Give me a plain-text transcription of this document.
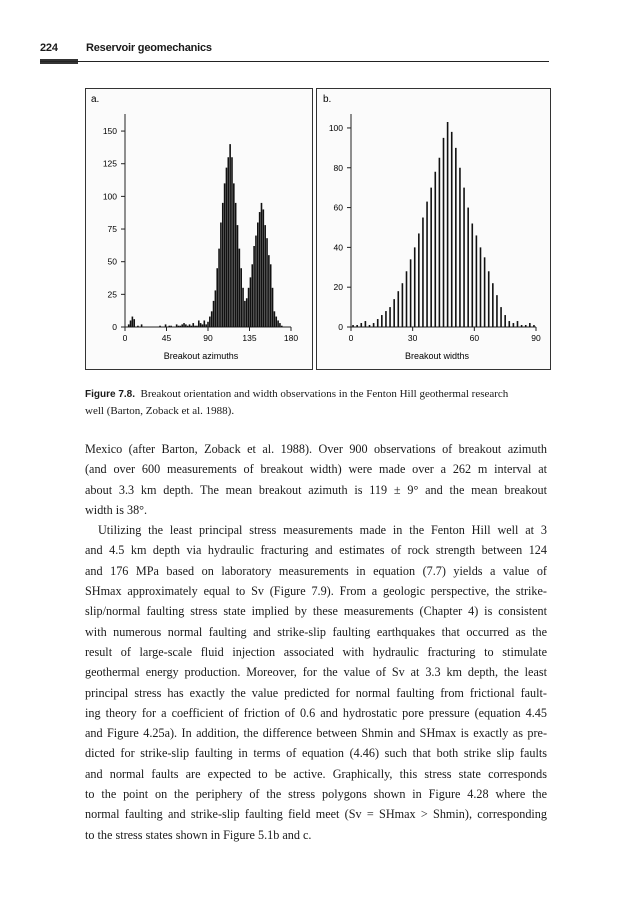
224	Reservoir geomechanics
a.
Breakout azimuths
0
25
50
75
100
125
150
0	45	90	135	180
b.
Breakout widths
0
20
40
60
80
100
0	30	60	90
Figure 7.8. Breakout orientation and width observations in the Fenton Hill geothermal research
well (Barton, Zoback et al. 1988).
Mexico (after Barton, Zoback et al. 1988). Over 900 observations of breakout azimuth
(and over 600 measurements of breakout width) were made over a 262 m interval at
about 3.3 km depth. The mean breakout azimuth is 119 ± 9° and the mean breakout
width is 38°.
Utilizing the least principal stress measurements made in the Fenton Hill well at 3
and 4.5 km depth via hydraulic fracturing and estimates of rock strength between 124
and 176 MPa based on laboratory measurements in equation (7.7) yields a value of
SHmax approximately equal to Sv (Figure 7.9). From a geologic perspective, the strike-
slip/normal faulting stress state implied by these measurements (Chapter 4) is consistent
with numerous normal faulting and strike-slip faulting earthquakes that occurred as the
result of large-scale fluid injection associated with hydraulic fracturing to stimulate
geothermal energy production. Moreover, for the value of Sv at 3.3 km depth, the least
principal stress has exactly the value predicted for normal faulting from frictional fault-
ing theory for a coefficient of friction of 0.6 and hydrostatic pore pressure (equation 4.45
and Figure 4.25a). In addition, the difference between Shmin and SHmax is exactly as pre-
dicted for strike-slip faulting in terms of equation (4.46) such that both strike slip faults
and normal faults are expected to be active. Graphically, this stress state corresponds
to the point on the periphery of the stress polygons shown in Figure 4.28 where the
normal faulting and strike-slip faulting field meet (Sv = SHmax > Shmin), corresponding
to the stress states shown in Figure 5.1b and c.
